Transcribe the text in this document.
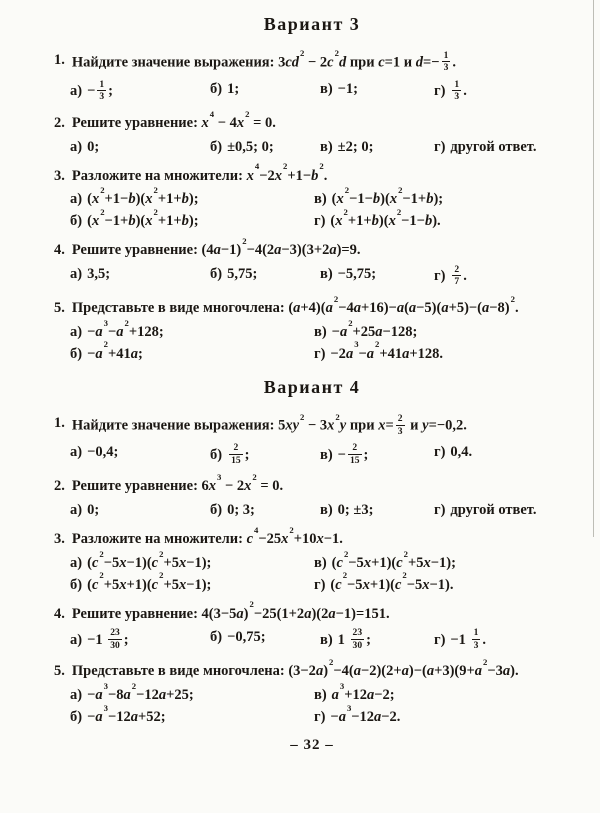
Вариант 3
1. Найдите значение выражения: $3cd^2 - 2c^2d$ при c=1 и $d=- \frac{1}{3}$ .
$а) - \frac{1}{3}$ ;	б) 1;	в) −1;	$г) \frac{1}{3}$ .
2. Решите уравнение: $x^4 - 4x^2 = 0$.
а) 0;	б) ±0,5; 0;	в) ±2; 0;	г) другой ответ.
3. Разложите на множители: $x^4-2x^2+1-b^2$.
а) $(x^2+1-b)(x^2+1+b)$;
б) $(x^2-1+b)(x^2+1+b)$;
в) $(x^2-1-b)(x^2-1+b)$;
г) $(x^2+1+b)(x^2-1-b)$.
4. Решите уравнение: $(4a-1)^2-4(2a-3)(3+2a)=9$.
а) 3,5;	б) 5,75;	в) −5,75;	$г) \frac{2}{7}$ .
5. Представьте в виде многочлена: $(a+4)(a^2-4a+16)-a(a-5)(a+5)-(a-8)^2$.
$а) -a^3-a^2+128$;
$б) -a^2+41a$;
$в) -a^2+25a-128$;
$г) -2a^3-a^2+41a+128$.
Вариант 4
1. Найдите значение выражения: $5xy^2 - 3x^2y$ при $x= \frac{2}{3}$ и y=−0,2.
а) −0,4;	$б) \frac{2}{15}$ ;	$в) - \frac{2}{15}$ ;	г) 0,4.
2. Решите уравнение: $6x^3 - 2x^2 = 0$.
а) 0;	б) 0; 3;	в) 0; ±3;	г) другой ответ.
3. Разложите на множители: $c^4-25x^2+10x-1$.
а) $(c^2-5x-1)(c^2+5x-1)$;
б) $(c^2+5x+1)(c^2+5x-1)$;
в) $(c^2-5x+1)(c^2+5x-1)$;
г) $(c^2-5x+1)(c^2-5x-1)$.
4. Решите уравнение: $4(3-5a)^2-25(1+2a)(2a-1)=151$.
$а) -1 \frac{23}{30}$ ;	б) −0,75;	в) $1 \frac{23}{30}$ ;	$г) -1 \frac{1}{3}$ .
5. Представьте в виде многочлена: $(3-2a)^2-4(a-2)(2+a)-(a+3)(9+a^2-3a)$.
$а) -a^3-8a^2-12a+25$;
$б) -a^3-12a+52$;
в) $a^3+12a-2$;
$г) -a^3-12a-2$.
– 32 –
